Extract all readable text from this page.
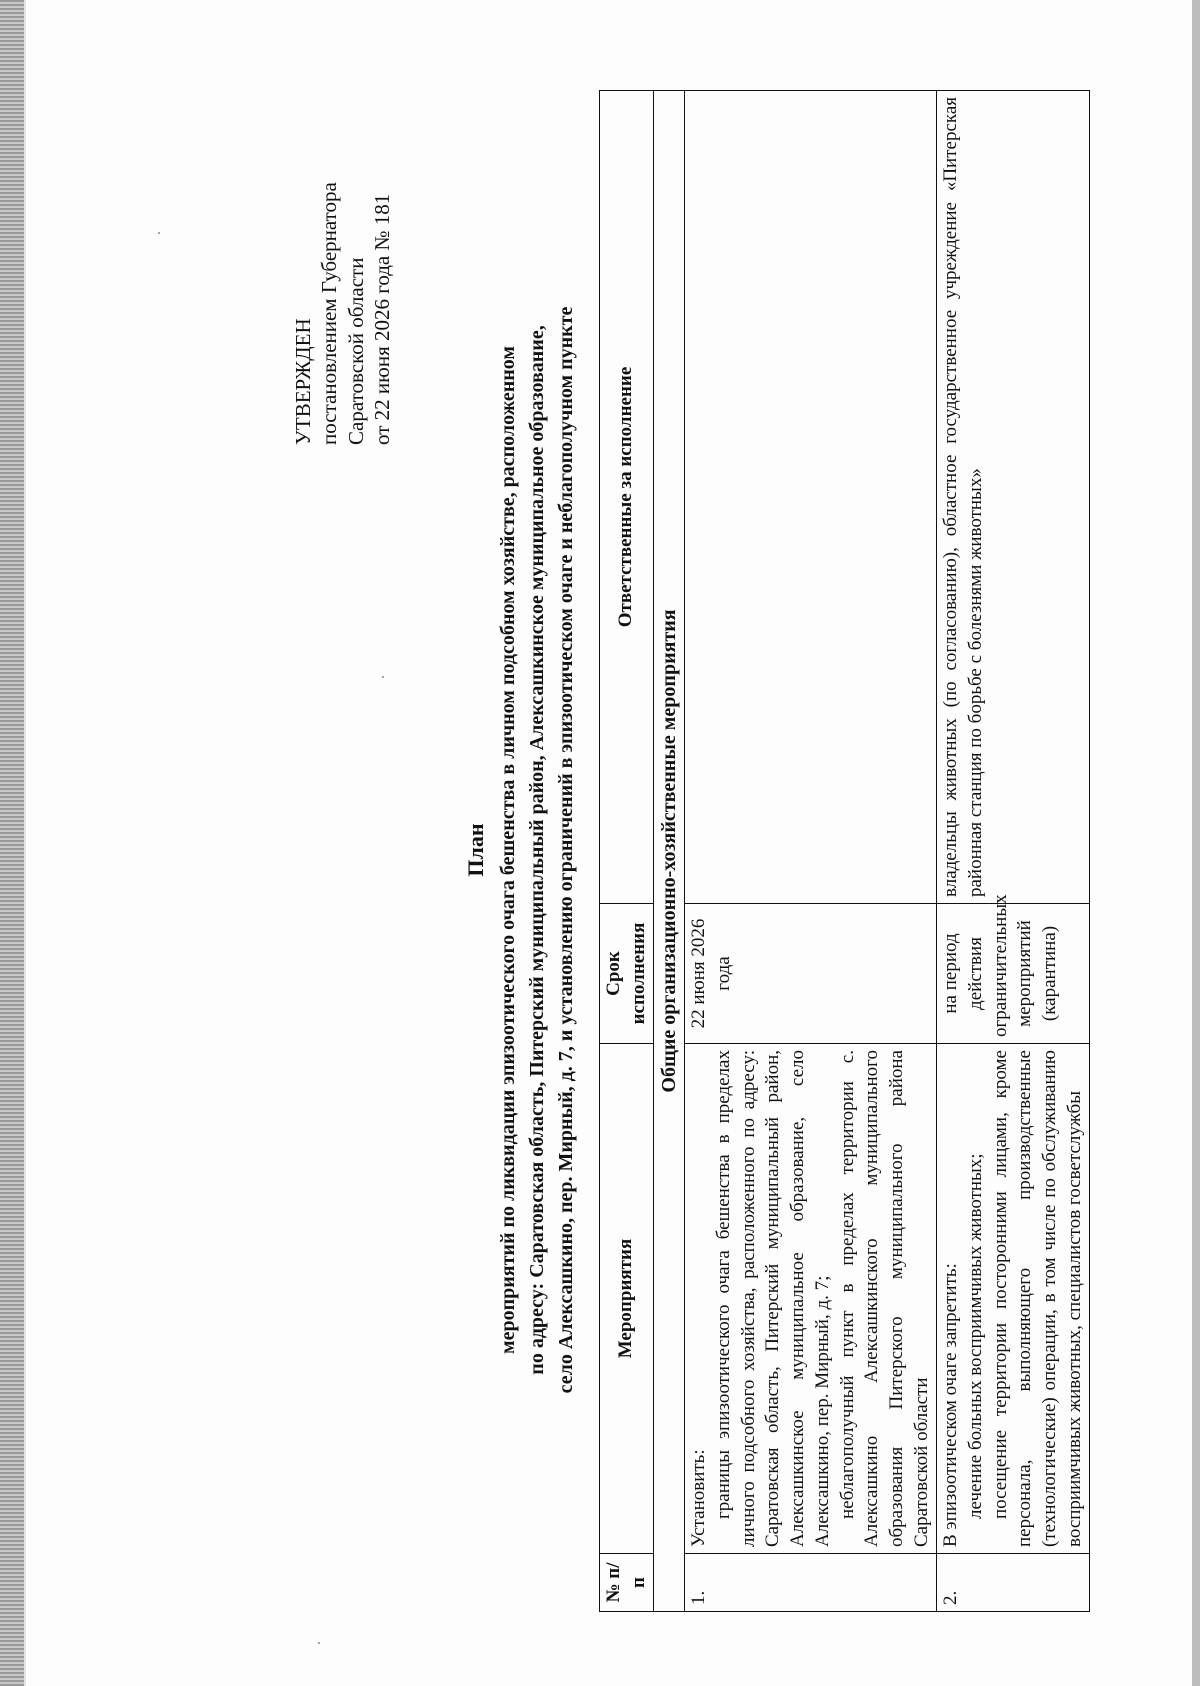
УТВЕРЖДЕН постановлением Губернатора Саратовской области от 22 июня 2026 года № 181
План мероприятий по ликвидации эпизоотического очага бешенства в личном подсобном хозяйстве, расположенном по адресу: Саратовская область, Питерский муниципальный район, Алексашкинское муниципальное образование, село Алексашкино, пер. Мирный, д. 7, и установлению ограничений в эпизоотическом очаге и неблагополучном пункте
№ п/п	Мероприятия	Срок исполнения	Ответственные за исполнение
Общие организационно-хозяйственные мероприятия			
1.	Установить: границы эпизоотического очага бешенства в пределах личного подсобного хозяйства, расположенного по адресу: Саратовская область, Питерский муниципальный район, Алексашкинское муниципальное образование, село Алексашкино, пер. Мирный, д. 7; неблагополучный пункт в пределах территории с. Алексашкино Алексашкинского муниципального образования Питерского муниципального района Саратовской области	22 июня 2026 года	
2.	В эпизоотическом очаге запретить: лечение больных восприимчивых животных; посещение территории посторонними лицами, кроме персонала, выполняющего производственные (технологические) операции, в том числе по обслуживанию восприимчивых животных, специалистов госветслужбы	на период действия ограничительных мероприятий (карантина)	владельцы животных (по согласованию), областное государственное учреждение «Питерская районная станция по борьбе с болезнями животных»
